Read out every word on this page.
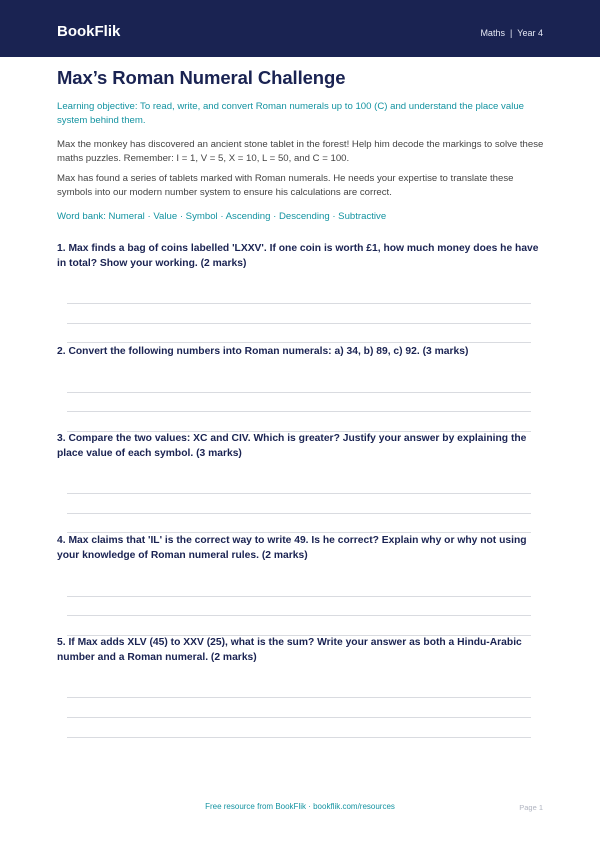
BookFlik	Maths | Year 4
Max’s Roman Numeral Challenge

Learning objective: To read, write, and convert Roman numerals up to 100 (C) and understand the place value system behind them.

Max the monkey has discovered an ancient stone tablet in the forest! Help him decode the markings to solve these maths puzzles. Remember: I = 1, V = 5, X = 10, L = 50, and C = 100.

Max has found a series of tablets marked with Roman numerals. He needs your expertise to translate these symbols into our modern number system to ensure his calculations are correct.

Word bank: Numeral · Value · Symbol · Ascending · Descending · Subtractive

1. Max finds a bag of coins labelled 'LXXV'. If one coin is worth £1, how much money does he have in total? Show your working. (2 marks)

2. Convert the following numbers into Roman numerals: a) 34, b) 89, c) 92. (3 marks)

3. Compare the two values: XC and CIV. Which is greater? Justify your answer by explaining the place value of each symbol. (3 marks)

4. Max claims that 'IL' is the correct way to write 49. Is he correct? Explain why or why not using your knowledge of Roman numeral rules. (2 marks)

5. If Max adds XLV (45) to XXV (25), what is the sum? Write your answer as both a Hindu-Arabic number and a Roman numeral. (2 marks)

Free resource from BookFlik · bookflik.com/resources	Page 1
